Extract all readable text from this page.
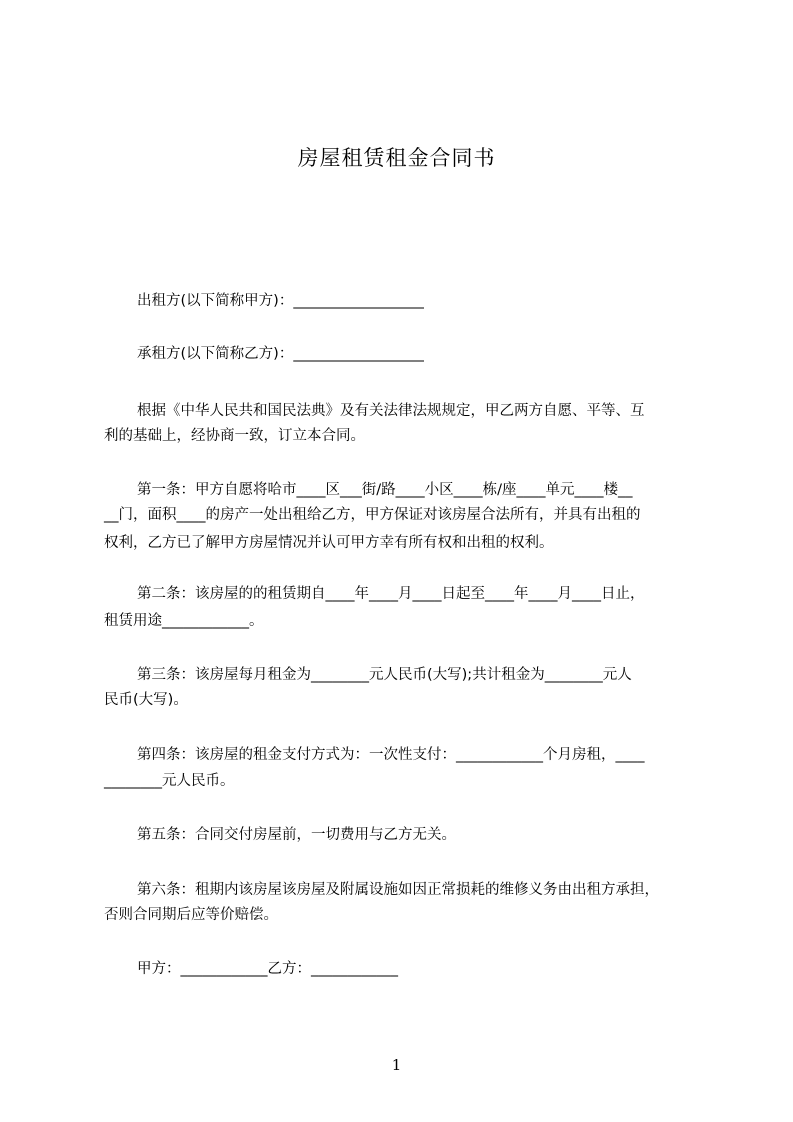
房屋租赁租金合同书
出租方(以下简称甲方)：__________________
承租方(以下简称乙方)：__________________
根据《中华人民共和国民法典》及有关法律法规规定，甲乙两方自愿、平等、互
利的基础上，经协商一致，订立本合同。
第一条：甲方自愿将哈市____区___街/路____小区____栋/座____单元____楼__
__门，面积____的房产一处出租给乙方，甲方保证对该房屋合法所有，并具有出租的
权利，乙方已了解甲方房屋情况并认可甲方幸有所有权和出租的权利。
第二条：该房屋的的租赁期自____年____月____日起至____年____月____日止，
租赁用途____________。
第三条：该房屋每月租金为________元人民币(大写);共计租金为________元人
民币(大写)。
第四条：该房屋的租金支付方式为：一次性支付：____________个月房租，____
________元人民币。
第五条：合同交付房屋前，一切费用与乙方无关。
第六条：租期内该房屋该房屋及附属设施如因正常损耗的维修义务由出租方承担，
否则合同期后应等价赔偿。
甲方：____________乙方：____________
1
